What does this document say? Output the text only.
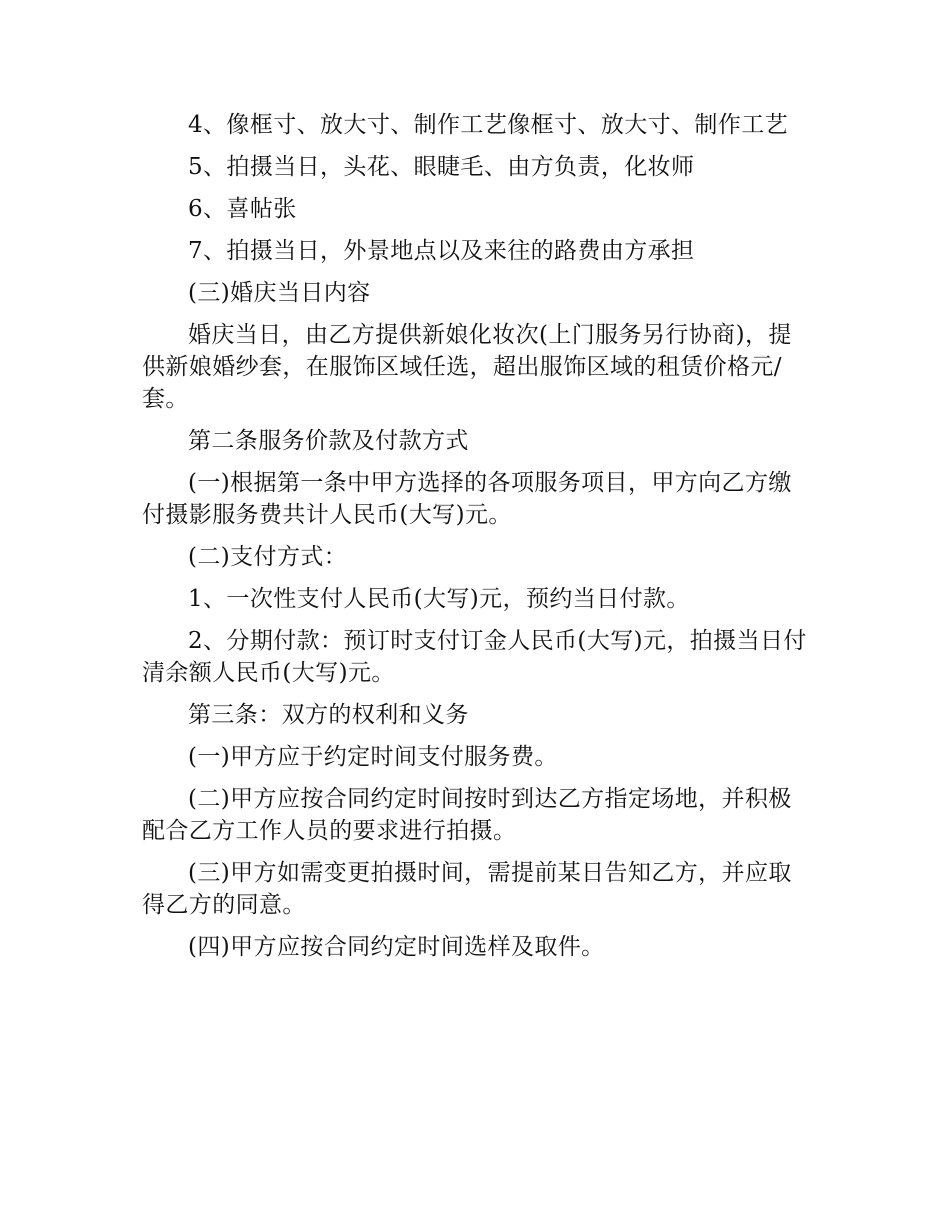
4、像框寸、放大寸、制作工艺像框寸、放大寸、制作工艺

5、拍摄当日，头花、眼睫毛、由方负责，化妆师

6、喜帖张

7、拍摄当日，外景地点以及来往的路费由方承担

(三)婚庆当日内容

婚庆当日，由乙方提供新娘化妆次(上门服务另行协商)，提供新娘婚纱套，在服饰区域任选，超出服饰区域的租赁价格元/套。

第二条服务价款及付款方式

(一)根据第一条中甲方选择的各项服务项目，甲方向乙方缴付摄影服务费共计人民币(大写)元。

(二)支付方式：

1、一次性支付人民币(大写)元，预约当日付款。

2、分期付款：预订时支付订金人民币(大写)元，拍摄当日付清余额人民币(大写)元。

第三条：双方的权利和义务

(一)甲方应于约定时间支付服务费。

(二)甲方应按合同约定时间按时到达乙方指定场地，并积极配合乙方工作人员的要求进行拍摄。

(三)甲方如需变更拍摄时间，需提前某日告知乙方，并应取得乙方的同意。

(四)甲方应按合同约定时间选样及取件。
